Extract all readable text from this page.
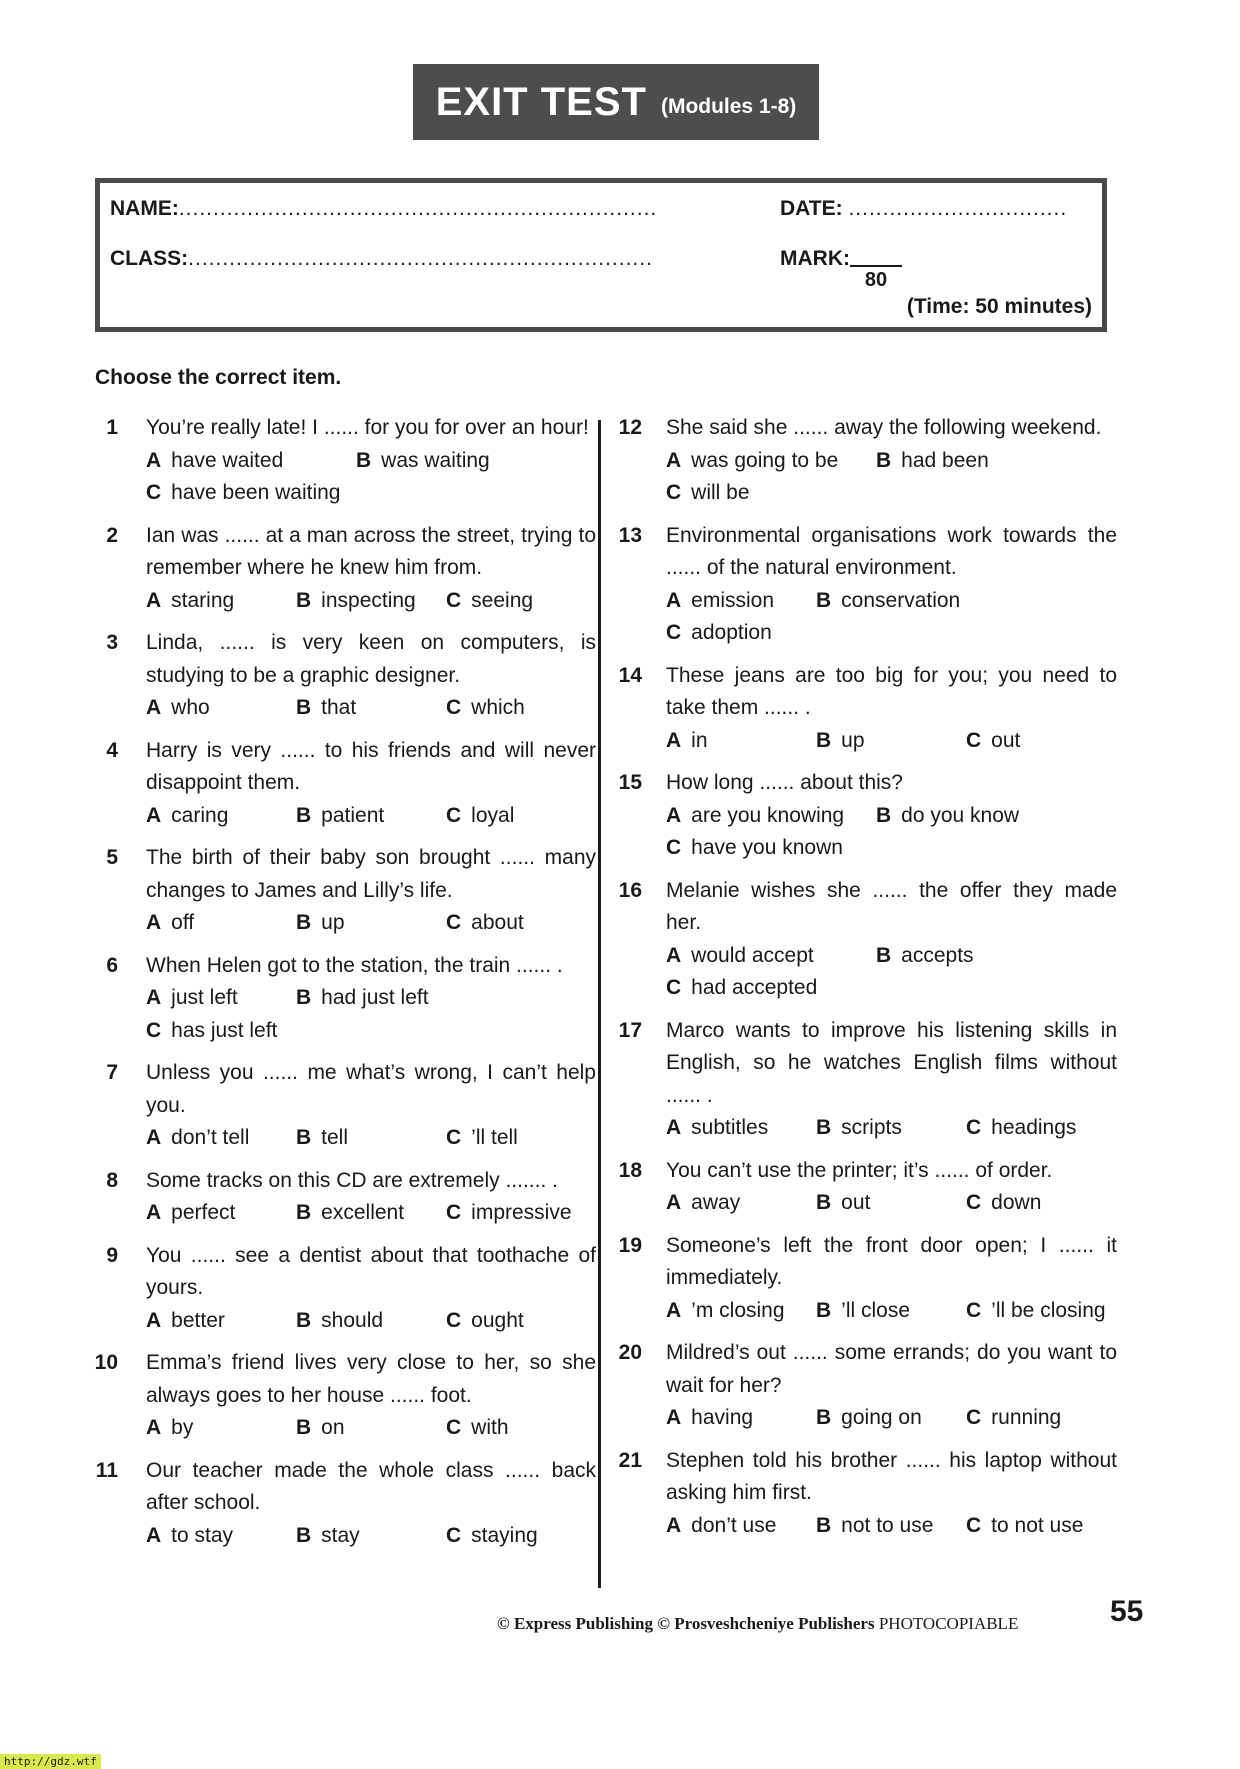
EXIT TEST (Modules 1-8)
NAME:......................................................................
CLASS:....................................................................
DATE: ................................
MARK:
80
(Time: 50 minutes)
Choose the correct item.
1 You’re really late! I ...... for you for over an hour!
A have waited	B was waiting
C have been waiting
2 Ian was ...... at a man across the street, trying to remember where he knew him from.
A staring	B inspecting	C seeing
3 Linda, ...... is very keen on computers, is studying to be a graphic designer.
A who	B that	C which
4 Harry is very ...... to his friends and will never disappoint them.
A caring	B patient	C loyal
5 The birth of their baby son brought ...... many changes to James and Lilly’s life.
A off	B up	C about
6 When Helen got to the station, the train ...... .
A just left	B had just left
C has just left
7 Unless you ...... me what’s wrong, I can’t help you.
A don’t tell	B tell	C ’ll tell
8 Some tracks on this CD are extremely ....... .
A perfect	B excellent	C impressive
9 You ...... see a dentist about that toothache of yours.
A better	B should	C ought
10 Emma’s friend lives very close to her, so she always goes to her house ...... foot.
A by	B on	C with
11 Our teacher made the whole class ...... back after school.
A to stay	B stay	C staying
12 She said she ...... away the following weekend.
A was going to be	B had been
C will be
13 Environmental organisations work towards the ...... of the natural environment.
A emission	B conservation
C adoption
14 These jeans are too big for you; you need to take them ...... .
A in	B up	C out
15 How long ...... about this?
A are you knowing	B do you know
C have you known
16 Melanie wishes she ...... the offer they made her.
A would accept	B accepts
C had accepted
17 Marco wants to improve his listening skills in English, so he watches English films without ...... .
A subtitles	B scripts	C headings
18 You can’t use the printer; it’s ...... of order.
A away	B out	C down
19 Someone’s left the front door open; I ...... it immediately.
A ’m closing	B ’ll close	C ’ll be closing
20 Mildred’s out ...... some errands; do you want to wait for her?
A having	B going on	C running
21 Stephen told his brother ...... his laptop without asking him first.
A don’t use	B not to use	C to not use
© Express Publishing © Prosveshcheniye Publishers PHOTOCOPIABLE	55
http://gdz.wtf
